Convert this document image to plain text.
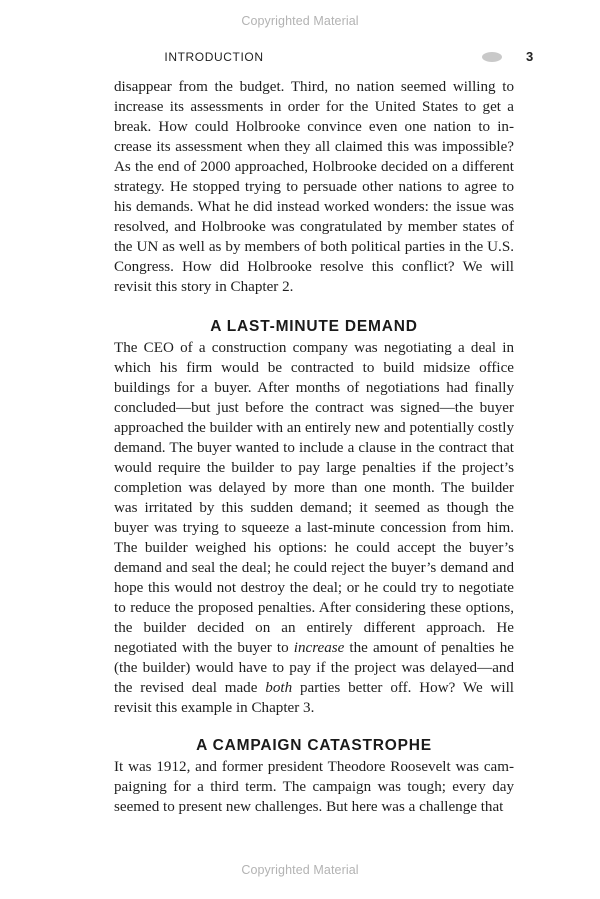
Copyrighted Material
INTRODUCTION	3

disappear from the budget. Third, no nation seemed willing to increase its assessments in order for the United States to get a break. How could Holbrooke convince even one nation to increase its assessment when they all claimed this was impossible? As the end of 2000 approached, Holbrooke decided on a different strategy. He stopped trying to persuade other nations to agree to his demands. What he did instead worked wonders: the issue was resolved, and Holbrooke was congratulated by member states of the UN as well as by members of both political parties in the U.S. Congress. How did Holbrooke resolve this conflict? We will revisit this story in Chapter 2.

A LAST-MINUTE DEMAND

The CEO of a construction company was negotiating a deal in which his firm would be contracted to build midsize office buildings for a buyer. After months of negotiations had finally concluded—but just before the contract was signed—the buyer approached the builder with an entirely new and potentially costly demand. The buyer wanted to include a clause in the contract that would require the builder to pay large penalties if the project’s completion was delayed by more than one month. The builder was irritated by this sudden demand; it seemed as though the buyer was trying to squeeze a last-minute concession from him. The builder weighed his options: he could accept the buyer’s demand and seal the deal; he could reject the buyer’s demand and hope this would not destroy the deal; or he could try to negotiate to reduce the proposed penalties. After considering these options, the builder decided on an entirely different approach. He negotiated with the buyer to increase the amount of penalties he (the builder) would have to pay if the project was delayed—and the revised deal made both parties better off. How? We will revisit this example in Chapter 3.

A CAMPAIGN CATASTROPHE

It was 1912, and former president Theodore Roosevelt was campaigning for a third term. The campaign was tough; every day seemed to present new challenges. But here was a challenge that

Copyrighted Material
